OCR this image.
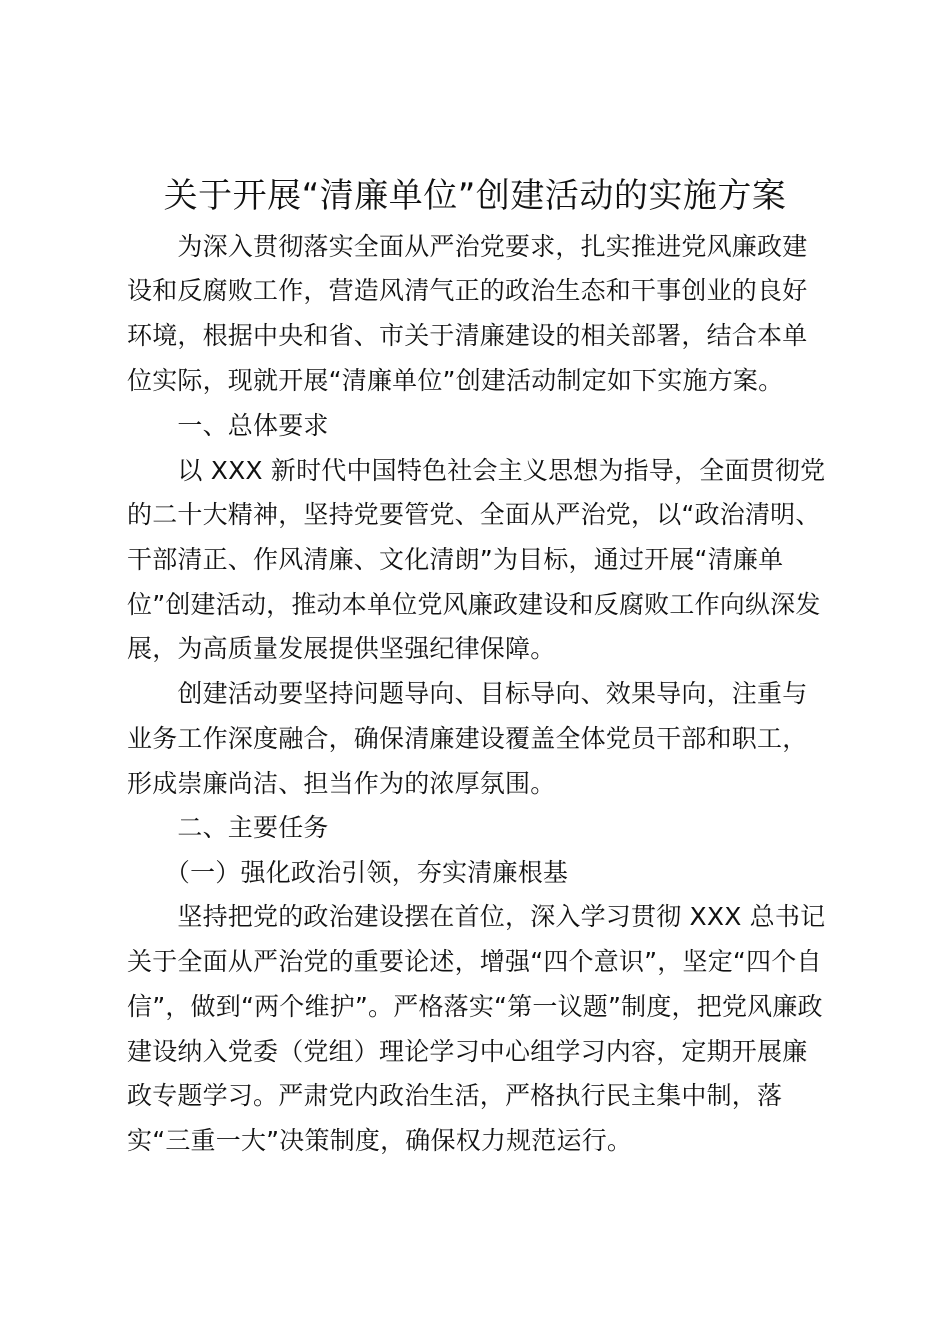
关于开展“清廉单位”创建活动的实施方案

　　为深入贯彻落实全面从严治党要求，扎实推进党风廉政建

设和反腐败工作，营造风清气正的政治生态和干事创业的良好

环境，根据中央和省、市关于清廉建设的相关部署，结合本单

位实际，现就开展“清廉单位”创建活动制定如下实施方案。

　　一、总体要求

　　以 XXX 新时代中国特色社会主义思想为指导，全面贯彻党

的二十大精神，坚持党要管党、全面从严治党，以“政治清明、

干部清正、作风清廉、文化清朗”为目标，通过开展“清廉单

位”创建活动，推动本单位党风廉政建设和反腐败工作向纵深发

展，为高质量发展提供坚强纪律保障。

　　创建活动要坚持问题导向、目标导向、效果导向，注重与

业务工作深度融合，确保清廉建设覆盖全体党员干部和职工，

形成崇廉尚洁、担当作为的浓厚氛围。

　　二、主要任务

　　（一）强化政治引领，夯实清廉根基

　　坚持把党的政治建设摆在首位，深入学习贯彻 XXX 总书记

关于全面从严治党的重要论述，增强“四个意识”，坚定“四个自

信”，做到“两个维护”。严格落实“第一议题”制度，把党风廉政

建设纳入党委（党组）理论学习中心组学习内容，定期开展廉

政专题学习。严肃党内政治生活，严格执行民主集中制，落

实“三重一大”决策制度，确保权力规范运行。
